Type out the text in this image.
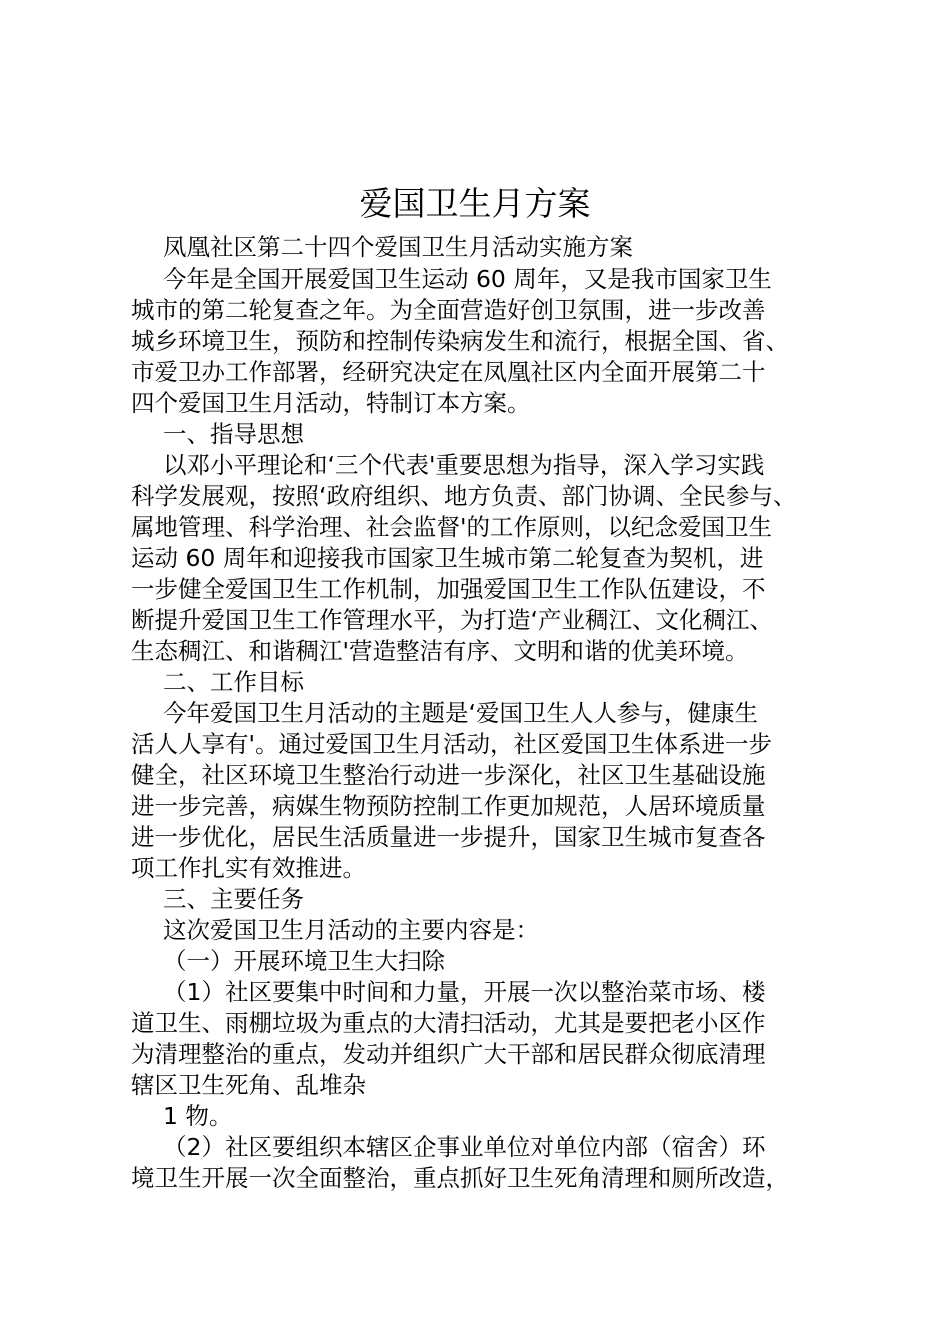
爱国卫生月方案
凤凰社区第二十四个爱国卫生月活动实施方案
今年是全国开展爱国卫生运动 60 周年，又是我市国家卫生
城市的第二轮复查之年。为全面营造好创卫氛围，进一步改善
城乡环境卫生，预防和控制传染病发生和流行，根据全国、省、
市爱卫办工作部署，经研究决定在凤凰社区内全面开展第二十
四个爱国卫生月活动，特制订本方案。
一、指导思想
以邓小平理论和‘三个代表'重要思想为指导，深入学习实践
科学发展观，按照‘政府组织、地方负责、部门协调、全民参与、
属地管理、科学治理、社会监督'的工作原则，以纪念爱国卫生
运动 60 周年和迎接我市国家卫生城市第二轮复查为契机，进
一步健全爱国卫生工作机制，加强爱国卫生工作队伍建设，不
断提升爱国卫生工作管理水平，为打造‘产业稠江、文化稠江、
生态稠江、和谐稠江'营造整洁有序、文明和谐的优美环境。
二、工作目标
今年爱国卫生月活动的主题是‘爱国卫生人人参与，健康生
活人人享有'。通过爱国卫生月活动，社区爱国卫生体系进一步
健全，社区环境卫生整治行动进一步深化，社区卫生基础设施
进一步完善，病媒生物预防控制工作更加规范，人居环境质量
进一步优化，居民生活质量进一步提升，国家卫生城市复查各
项工作扎实有效推进。
三、主要任务
这次爱国卫生月活动的主要内容是：
（一）开展环境卫生大扫除
（1）社区要集中时间和力量，开展一次以整治菜市场、楼
道卫生、雨棚垃圾为重点的大清扫活动，尤其是要把老小区作
为清理整治的重点，发动并组织广大干部和居民群众彻底清理
辖区卫生死角、乱堆杂
1 物。
（2）社区要组织本辖区企事业单位对单位内部（宿舍）环
境卫生开展一次全面整治，重点抓好卫生死角清理和厕所改造，
